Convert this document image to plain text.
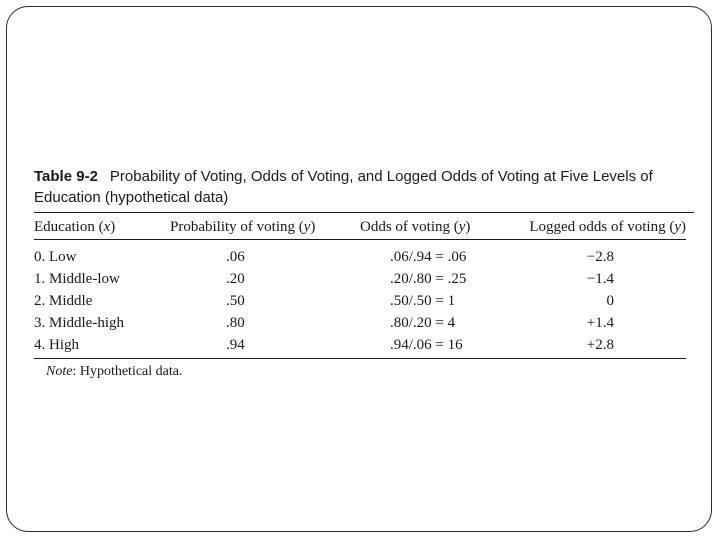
Table 9-2 Probability of Voting, Odds of Voting, and Logged Odds of Voting at Five Levels of Education (hypothetical data)

Education (x)	Probability of voting (y)	Odds of voting (y)	Logged odds of voting (y)
0. Low	.06	.06/.94 = .06	−2.8
1. Middle-low	.20	.20/.80 = .25	−1.4
2. Middle	.50	.50/.50 = 1	0
3. Middle-high	.80	.80/.20 = 4	+1.4
4. High	.94	.94/.06 = 16	+2.8

Note: Hypothetical data.
